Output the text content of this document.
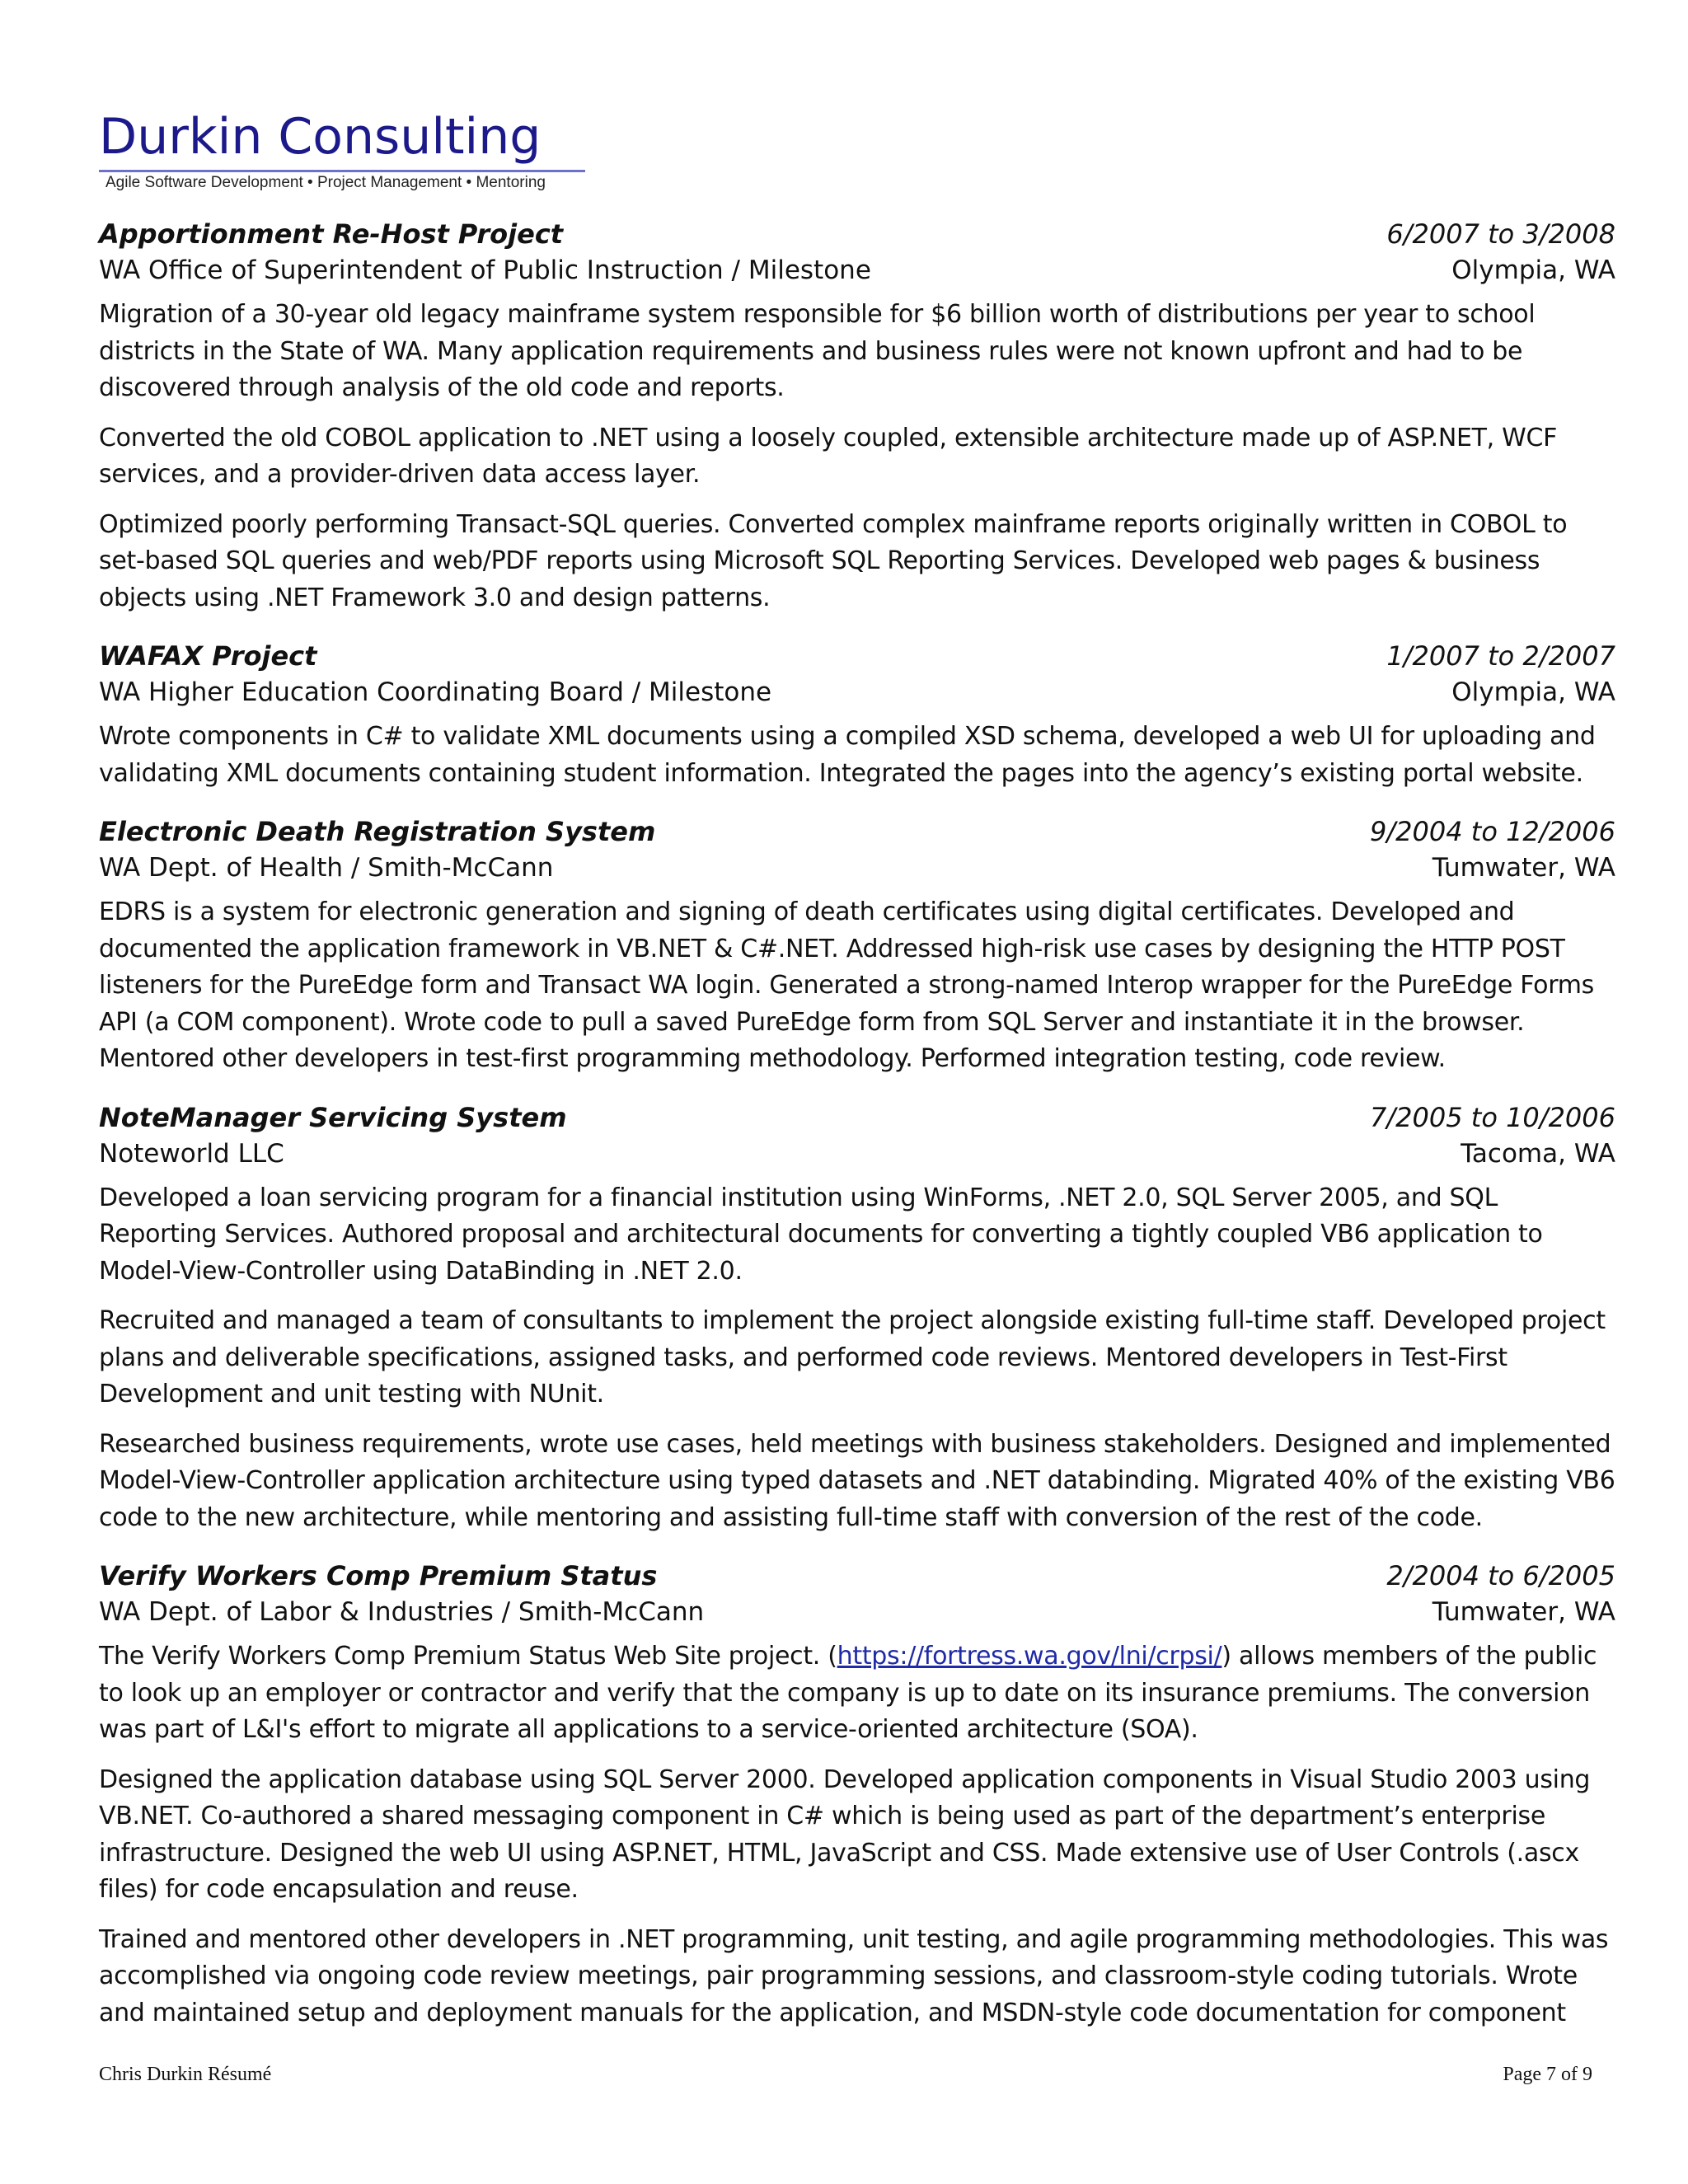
Durkin Consulting
Agile Software Development • Project Management • Mentoring
Apportionment Re-Host Project	6/2007 to 3/2008
WA Office of Superintendent of Public Instruction / Milestone	Olympia, WA

Migration of a 30-year old legacy mainframe system responsible for $6 billion worth of distributions per year to school districts in the State of WA. Many application requirements and business rules were not known upfront and had to be discovered through analysis of the old code and reports.

Converted the old COBOL application to .NET using a loosely coupled, extensible architecture made up of ASP.NET, WCF services, and a provider-driven data access layer.

Optimized poorly performing Transact-SQL queries. Converted complex mainframe reports originally written in COBOL to set-based SQL queries and web/PDF reports using Microsoft SQL Reporting Services. Developed web pages & business objects using .NET Framework 3.0 and design patterns.

WAFAX Project	1/2007 to 2/2007
WA Higher Education Coordinating Board / Milestone	Olympia, WA

Wrote components in C# to validate XML documents using a compiled XSD schema, developed a web UI for uploading and validating XML documents containing student information. Integrated the pages into the agency’s existing portal website.

Electronic Death Registration System	9/2004 to 12/2006
WA Dept. of Health / Smith-McCann	Tumwater, WA

EDRS is a system for electronic generation and signing of death certificates using digital certificates. Developed and documented the application framework in VB.NET & C#.NET. Addressed high-risk use cases by designing the HTTP POST listeners for the PureEdge form and Transact WA login. Generated a strong-named Interop wrapper for the PureEdge Forms API (a COM component). Wrote code to pull a saved PureEdge form from SQL Server and instantiate it in the browser. Mentored other developers in test-first programming methodology. Performed integration testing, code review.

NoteManager Servicing System	7/2005 to 10/2006
Noteworld LLC	Tacoma, WA

Developed a loan servicing program for a financial institution using WinForms, .NET 2.0, SQL Server 2005, and SQL Reporting Services. Authored proposal and architectural documents for converting a tightly coupled VB6 application to Model-View-Controller using DataBinding in .NET 2.0.

Recruited and managed a team of consultants to implement the project alongside existing full-time staff. Developed project plans and deliverable specifications, assigned tasks, and performed code reviews. Mentored developers in Test-First Development and unit testing with NUnit.

Researched business requirements, wrote use cases, held meetings with business stakeholders. Designed and implemented Model-View-Controller application architecture using typed datasets and .NET databinding. Migrated 40% of the existing VB6 code to the new architecture, while mentoring and assisting full-time staff with conversion of the rest of the code.

Verify Workers Comp Premium Status	2/2004 to 6/2005
WA Dept. of Labor & Industries / Smith-McCann	Tumwater, WA

The Verify Workers Comp Premium Status Web Site project. (https://fortress.wa.gov/lni/crpsi/) allows members of the public to look up an employer or contractor and verify that the company is up to date on its insurance premiums. The conversion was part of L&I's effort to migrate all applications to a service-oriented architecture (SOA).

Designed the application database using SQL Server 2000. Developed application components in Visual Studio 2003 using VB.NET. Co-authored a shared messaging component in C# which is being used as part of the department’s enterprise infrastructure. Designed the web UI using ASP.NET, HTML, JavaScript and CSS. Made extensive use of User Controls (.ascx files) for code encapsulation and reuse.

Trained and mentored other developers in .NET programming, unit testing, and agile programming methodologies. This was accomplished via ongoing code review meetings, pair programming sessions, and classroom-style coding tutorials. Wrote and maintained setup and deployment manuals for the application, and MSDN-style code documentation for component

Chris Durkin Résumé	Page 7 of 9
